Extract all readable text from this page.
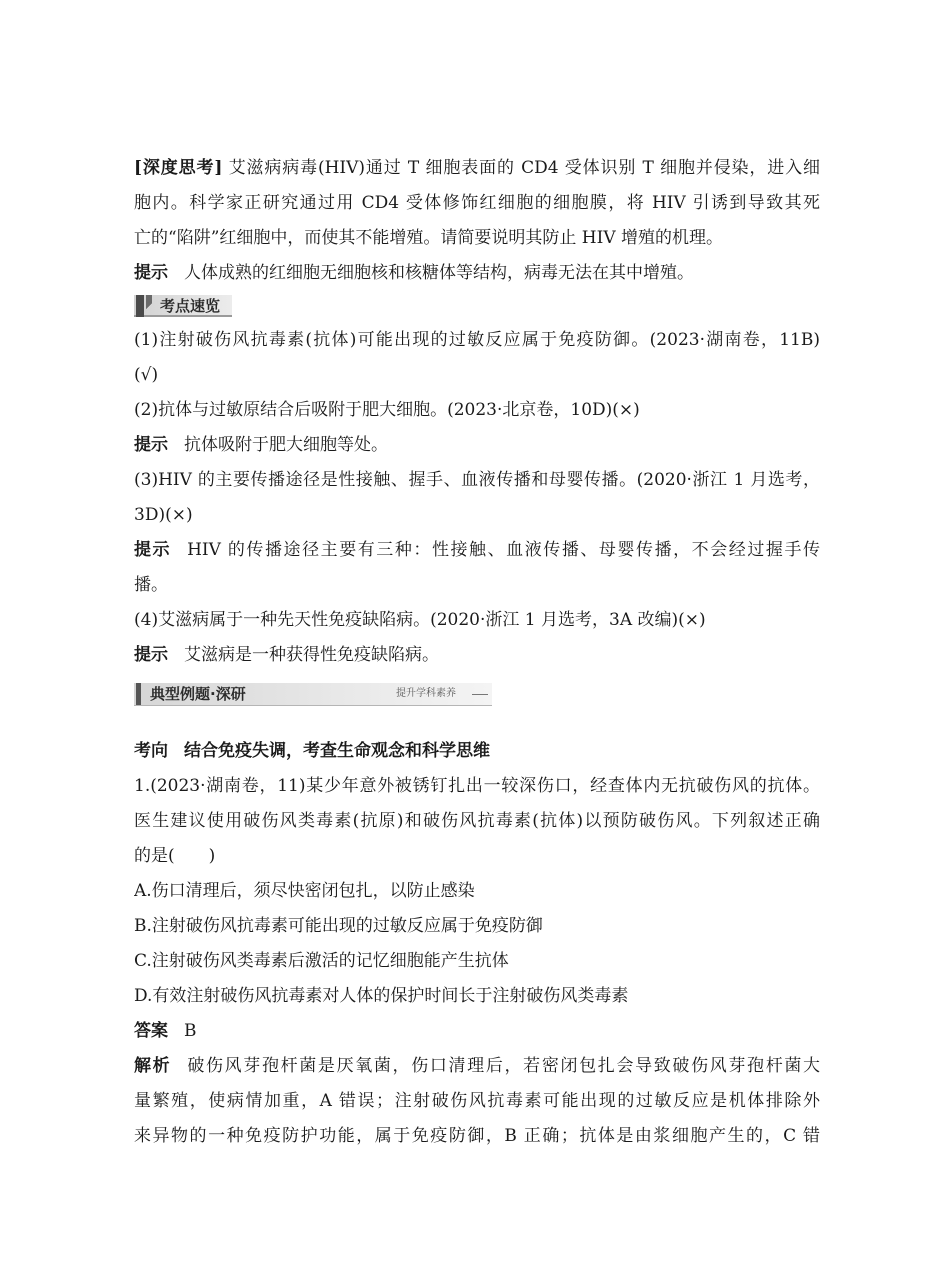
[深度思考] 艾滋病病毒(HIV)通过 T 细胞表面的 CD4 受体识别 T 细胞并侵染，进入细
胞内。科学家正研究通过用 CD4 受体修饰红细胞的细胞膜，将 HIV 引诱到导致其死
亡的“陷阱”红细胞中，而使其不能增殖。请简要说明其防止 HIV 增殖的机理。
提示 人体成熟的红细胞无细胞核和核糖体等结构，病毒无法在其中增殖。
考点速览
(1)注射破伤风抗毒素(抗体)可能出现的过敏反应属于免疫防御。(2023·湖南卷，11B)
(√)
(2)抗体与过敏原结合后吸附于肥大细胞。(2023·北京卷，10D)(×)
提示 抗体吸附于肥大细胞等处。
(3)HIV 的主要传播途径是性接触、握手、血液传播和母婴传播。(2020·浙江 1 月选考，
3D)(×)
提示 HIV 的传播途径主要有三种：性接触、血液传播、母婴传播，不会经过握手传
播。
(4)艾滋病属于一种先天性免疫缺陷病。(2020·浙江 1 月选考，3A 改编)(×)
提示 艾滋病是一种获得性免疫缺陷病。
典型例题·深研	提升学科素养
考向 结合免疫失调，考查生命观念和科学思维
1.(2023·湖南卷，11)某少年意外被锈钉扎出一较深伤口，经查体内无抗破伤风的抗体。
医生建议使用破伤风类毒素(抗原)和破伤风抗毒素(抗体)以预防破伤风。下列叙述正确
的是(　　)
A.伤口清理后，须尽快密闭包扎，以防止感染
B.注射破伤风抗毒素可能出现的过敏反应属于免疫防御
C.注射破伤风类毒素后激活的记忆细胞能产生抗体
D.有效注射破伤风抗毒素对人体的保护时间长于注射破伤风类毒素
答案 B
解析 破伤风芽孢杆菌是厌氧菌，伤口清理后，若密闭包扎会导致破伤风芽孢杆菌大
量繁殖，使病情加重，A 错误；注射破伤风抗毒素可能出现的过敏反应是机体排除外
来异物的一种免疫防护功能，属于免疫防御，B 正确；抗体是由浆细胞产生的，C 错
